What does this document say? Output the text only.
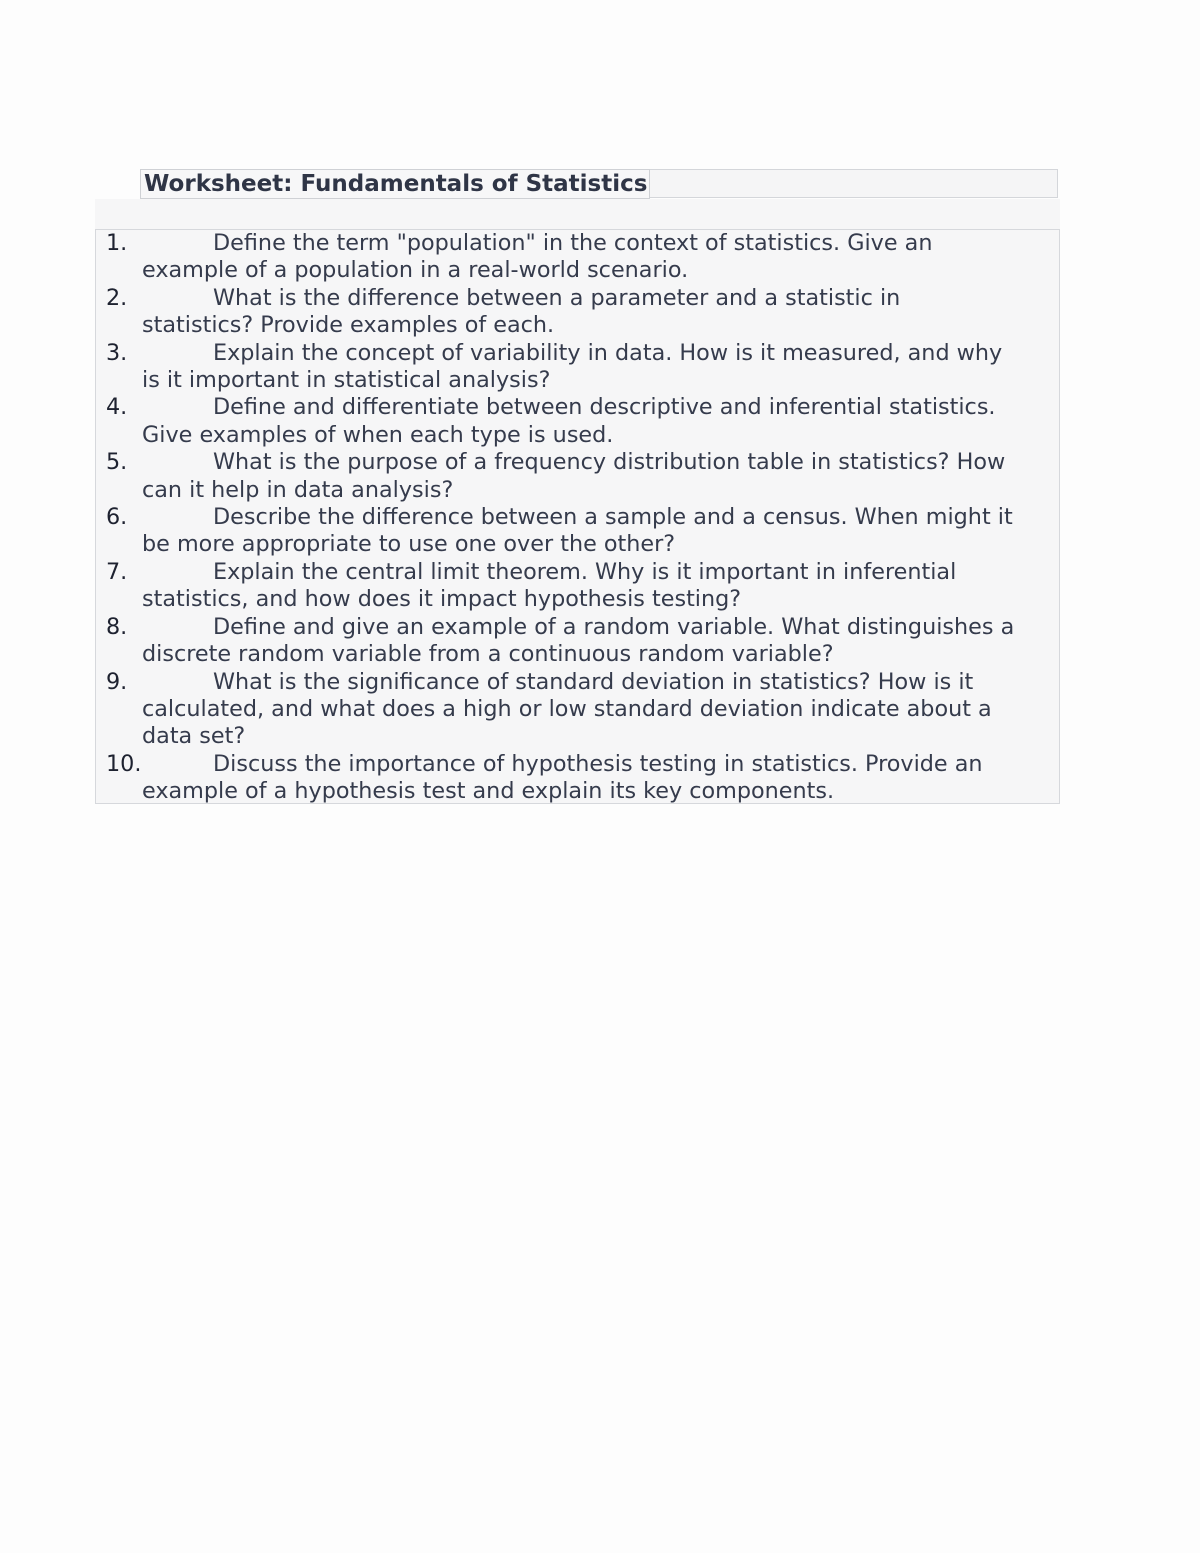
Worksheet: Fundamentals of Statistics
1.	Define the term "population" in the context of statistics. Give an
example of a population in a real-world scenario.
2.	What is the difference between a parameter and a statistic in
statistics? Provide examples of each.
3.	Explain the concept of variability in data. How is it measured, and why
is it important in statistical analysis?
4.	Define and differentiate between descriptive and inferential statistics.
Give examples of when each type is used.
5.	What is the purpose of a frequency distribution table in statistics? How
can it help in data analysis?
6.	Describe the difference between a sample and a census. When might it
be more appropriate to use one over the other?
7.	Explain the central limit theorem. Why is it important in inferential
statistics, and how does it impact hypothesis testing?
8.	Define and give an example of a random variable. What distinguishes a
discrete random variable from a continuous random variable?
9.	What is the significance of standard deviation in statistics? How is it
calculated, and what does a high or low standard deviation indicate about a
data set?
10.	Discuss the importance of hypothesis testing in statistics. Provide an
example of a hypothesis test and explain its key components.
